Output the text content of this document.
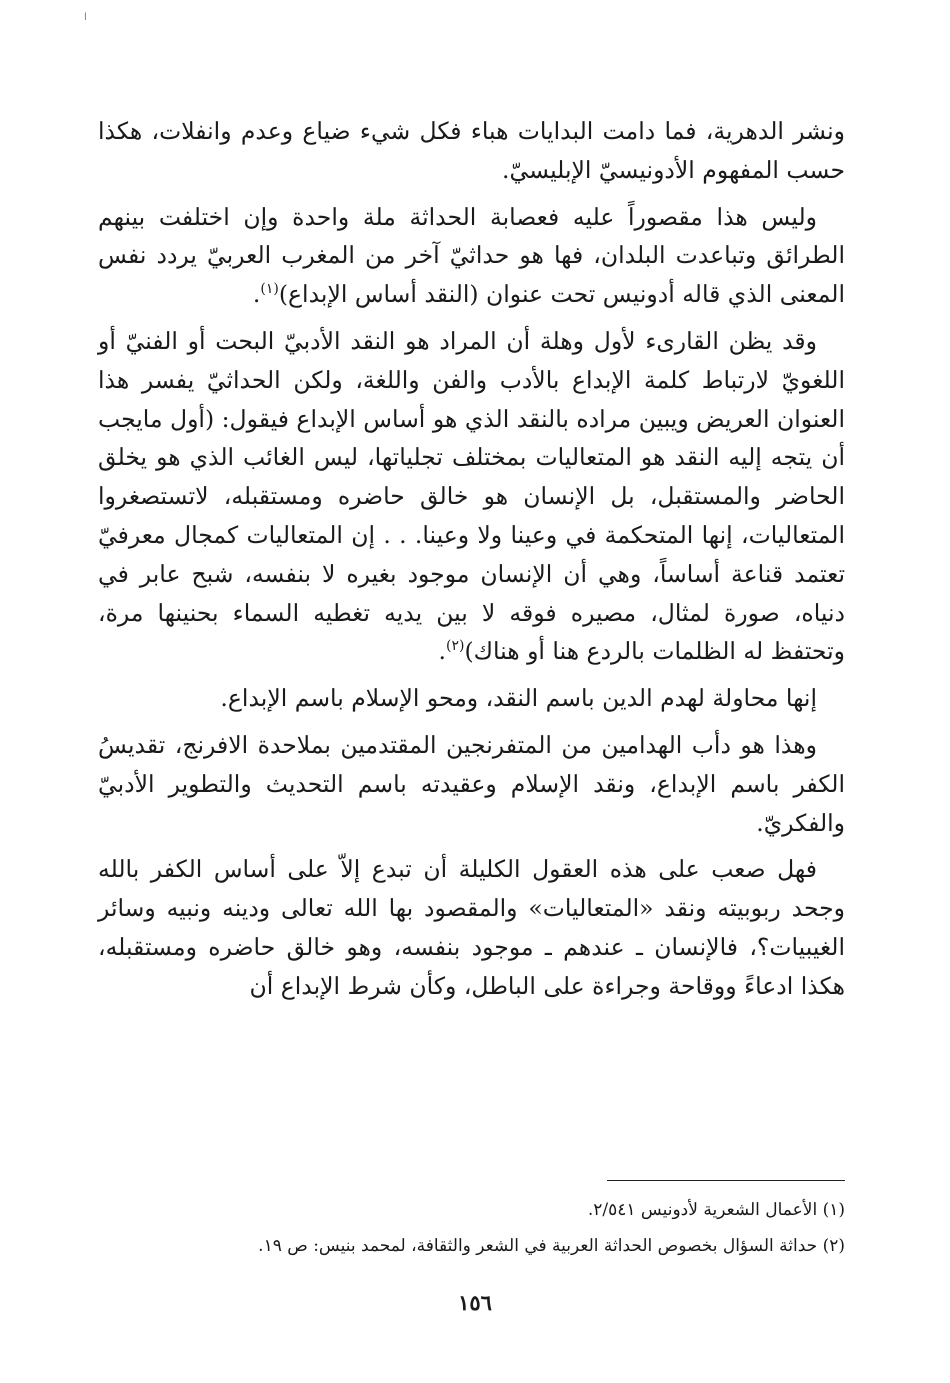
ا

ونشر الدهرية، فما دامت البدايات هباء فكل شيء ضياع وعدم وانفلات، هكذا حسب المفهوم الأدونيسيّ الإبليسيّ.

وليس هذا مقصوراً عليه فعصابة الحداثة ملة واحدة وإن اختلفت بينهم الطرائق وتباعدت البلدان، فها هو حداثيّ آخر من المغرب العربيّ يردد نفس المعنى الذي قاله أدونيس تحت عنوان (النقد أساس الإبداع)$^{(١)}$.

وقد يظن القارىء لأول وهلة أن المراد هو النقد الأدبيّ البحت أو الفنيّ أو اللغويّ لارتباط كلمة الإبداع بالأدب والفن واللغة، ولكن الحداثيّ يفسر هذا العنوان العريض ويبين مراده بالنقد الذي هو أساس الإبداع فيقول: (أول مايجب أن يتجه إليه النقد هو المتعاليات بمختلف تجلياتها، ليس الغائب الذي هو يخلق الحاضر والمستقبل، بل الإنسان هو خالق حاضره ومستقبله، لاتستصغروا المتعاليات، إنها المتحكمة في وعينا ولا وعينا. . . إن المتعاليات كمجال معرفيّ تعتمد قناعة أساساً، وهي أن الإنسان موجود بغيره لا بنفسه، شبح عابر في دنياه، صورة لمثال، مصيره فوقه لا بين يديه تغطيه السماء بحنينها مرة، وتحتفظ له الظلمات بالردع هنا أو هناك)$^{(٢)}$.

إنها محاولة لهدم الدين باسم النقد، ومحو الإسلام باسم الإبداع.

وهذا هو دأب الهدامين من المتفرنجين المقتدمين بملاحدة الافرنج، تقديسُ الكفر باسم الإبداع، ونقد الإسلام وعقيدته باسم التحديث والتطوير الأدبيّ والفكريّ.

فهل صعب على هذه العقول الكليلة أن تبدع إلاّ على أساس الكفر بالله وجحد ربوبيته ونقد «المتعاليات» والمقصود بها الله تعالى ودينه ونبيه وسائر الغيبيات؟، فالإنسان ـ عندهم ـ موجود بنفسه، وهو خالق حاضره ومستقبله، هكذا ادعاءً ووقاحة وجراءة على الباطل، وكأن شرط الإبداع أن

(١) الأعمال الشعرية لأدونيس ٢/٥٤١.

(٢) حداثة السؤال بخصوص الحداثة العربية في الشعر والثقافة، لمحمد بنيس: ص ١٩.

١٥٦
